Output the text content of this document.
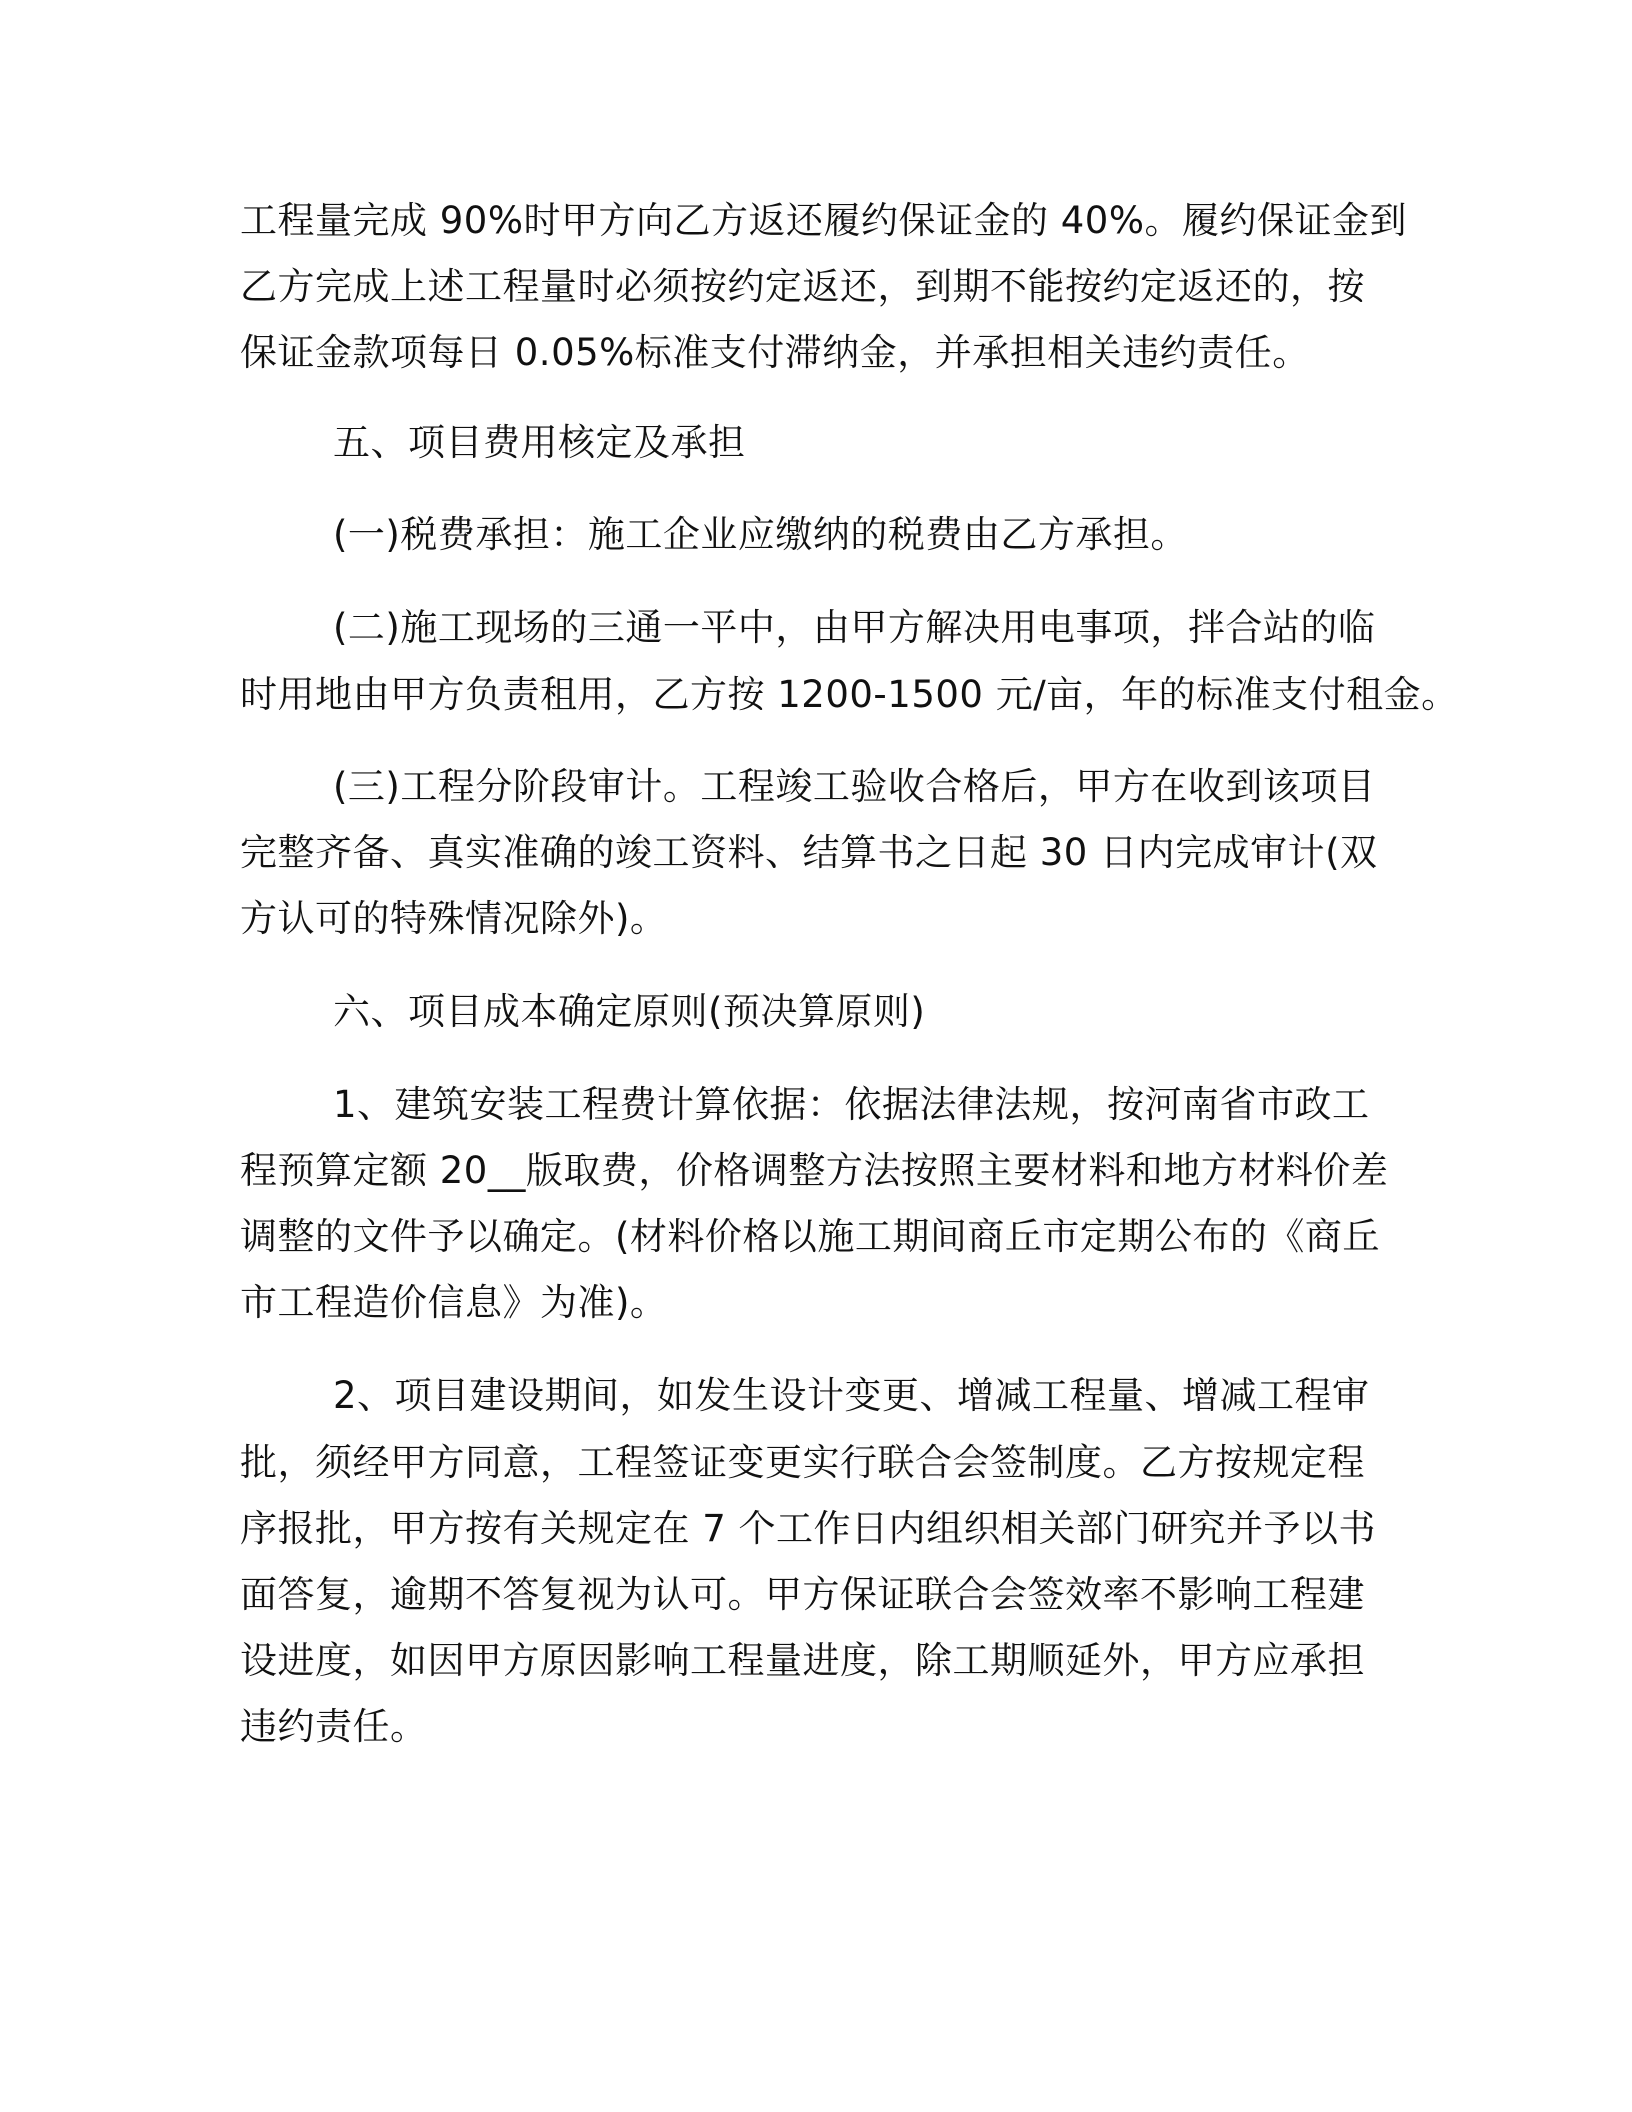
工程量完成 90%时甲方向乙方返还履约保证金的 40%。履约保证金到
乙方完成上述工程量时必须按约定返还，到期不能按约定返还的，按
保证金款项每日 0.05%标准支付滞纳金，并承担相关违约责任。
五、项目费用核定及承担
(一)税费承担：施工企业应缴纳的税费由乙方承担。
(二)施工现场的三通一平中，由甲方解决用电事项，拌合站的临
时用地由甲方负责租用，乙方按 1200-1500 元/亩，年的标准支付租金。
(三)工程分阶段审计。工程竣工验收合格后，甲方在收到该项目
完整齐备、真实准确的竣工资料、结算书之日起 30 日内完成审计(双
方认可的特殊情况除外)。
六、项目成本确定原则(预决算原则)
1、建筑安装工程费计算依据：依据法律法规，按河南省市政工
程预算定额 20__版取费，价格调整方法按照主要材料和地方材料价差
调整的文件予以确定。(材料价格以施工期间商丘市定期公布的《商丘
市工程造价信息》为准)。
2、项目建设期间，如发生设计变更、增减工程量、增减工程审
批，须经甲方同意，工程签证变更实行联合会签制度。乙方按规定程
序报批，甲方按有关规定在 7 个工作日内组织相关部门研究并予以书
面答复，逾期不答复视为认可。甲方保证联合会签效率不影响工程建
设进度，如因甲方原因影响工程量进度，除工期顺延外，甲方应承担
违约责任。
